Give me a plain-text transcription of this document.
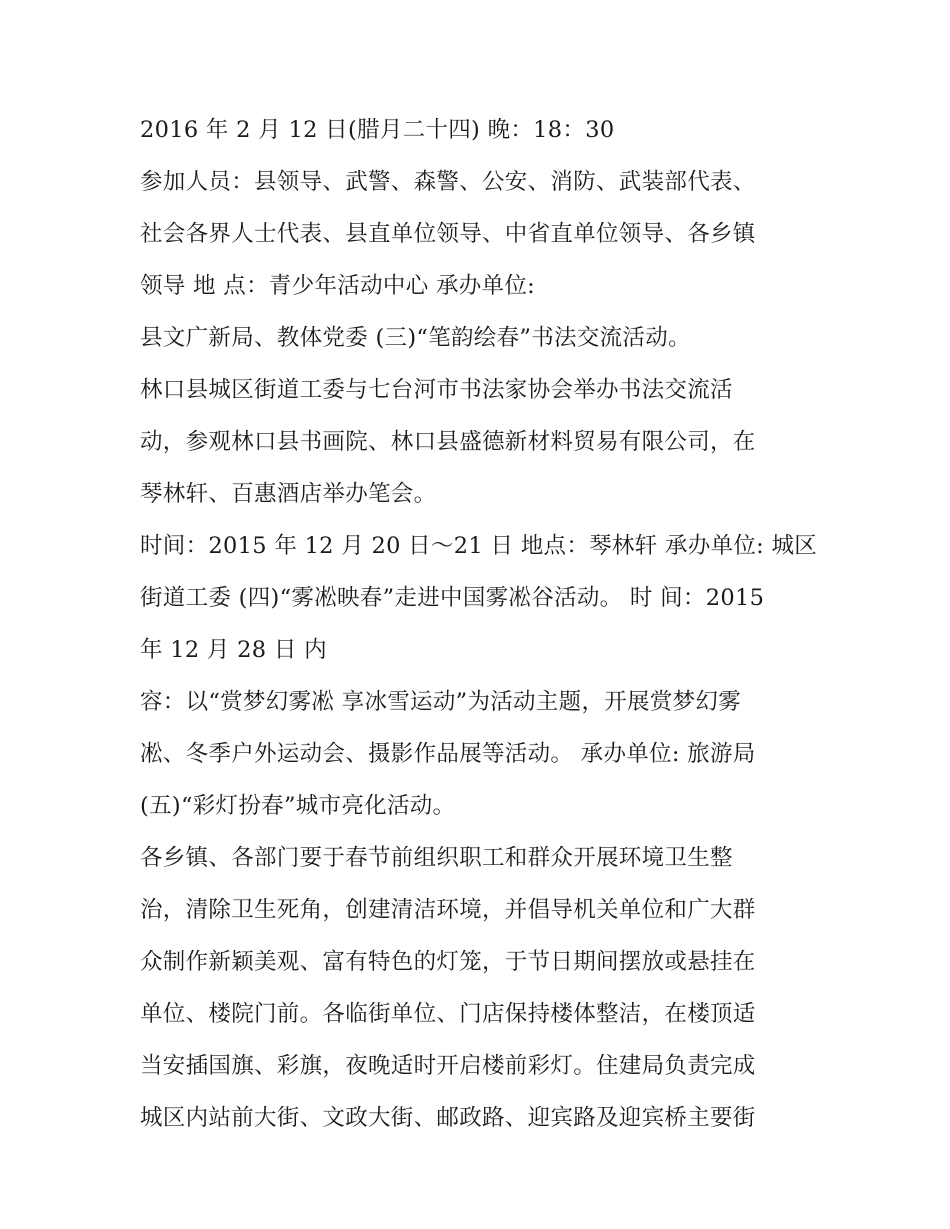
2016 年 2 月 12 日(腊月二十四) 晚：18：30
参加人员：县领导、武警、森警、公安、消防、武装部代表、
社会各界人士代表、县直单位领导、中省直单位领导、各乡镇
领导 地 点：青少年活动中心 承办单位:
县文广新局、教体党委 (三)“笔韵绘春”书法交流活动。
林口县城区街道工委与七台河市书法家协会举办书法交流活
动，参观林口县书画院、林口县盛德新材料贸易有限公司，在
琴林轩、百惠酒店举办笔会。
时间：2015 年 12 月 20 日～21 日 地点：琴林轩 承办单位: 城区
街道工委 (四)“雾凇映春”走进中国雾凇谷活动。 时 间：2015
年 12 月 28 日 内
容：以“赏梦幻雾凇 享冰雪运动”为活动主题，开展赏梦幻雾
凇、冬季户外运动会、摄影作品展等活动。 承办单位: 旅游局
(五)“彩灯扮春”城市亮化活动。
各乡镇、各部门要于春节前组织职工和群众开展环境卫生整
治，清除卫生死角，创建清洁环境，并倡导机关单位和广大群
众制作新颖美观、富有特色的灯笼，于节日期间摆放或悬挂在
单位、楼院门前。各临街单位、门店保持楼体整洁，在楼顶适
当安插国旗、彩旗，夜晚适时开启楼前彩灯。住建局负责完成
城区内站前大街、文政大街、邮政路、迎宾路及迎宾桥主要街
